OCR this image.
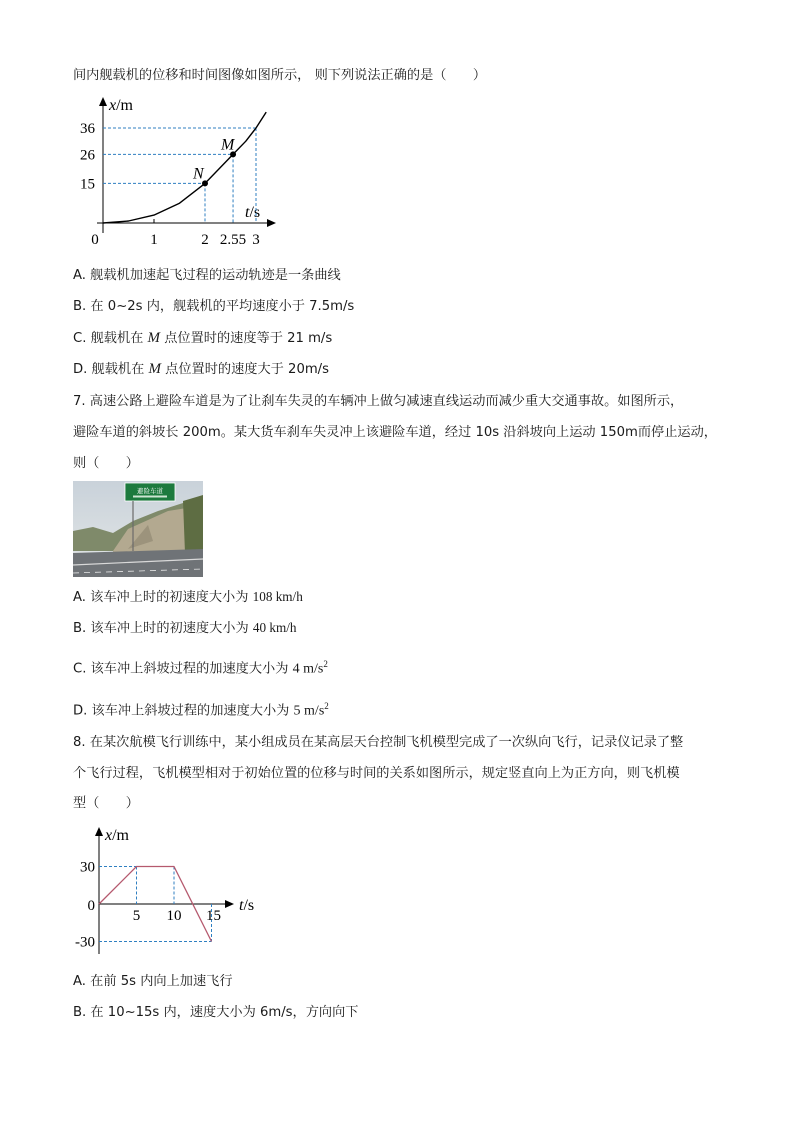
间内舰载机的位移和时间图像如图所示， 则下列说法正确的是（　　）
x/m
t/s
0	1	2 2.55 3
15
26
36
N
M
A. 舰载机加速起飞过程的运动轨迹是一条曲线
B. 在 0~2s 内，舰载机的平均速度小于 7.5m/s
C. 舰载机在 M 点位置时的速度等于 21 m/s
D. 舰载机在 M 点位置时的速度大于 20m/s
7. 高速公路上避险车道是为了让刹车失灵的车辆冲上做匀减速直线运动而减少重大交通事故。如图所示，
避险车道的斜坡长 200m。某大货车刹车失灵冲上该避险车道，经过 10s 沿斜坡向上运动 150m而停止运动，
则（　　）
避险车道
A. 该车冲上时的初速度大小为 108 km/h
B. 该车冲上时的初速度大小为 40 km/h
C. 该车冲上斜坡过程的加速度大小为 4 $m/s^2$
D. 该车冲上斜坡过程的加速度大小为 5 $m/s^2$
8. 在某次航模飞行训练中，某小组成员在某高层天台控制飞机模型完成了一次纵向飞行，记录仪记录了整
个飞行过程，飞机模型相对于初始位置的位移与时间的关系如图所示，规定竖直向上为正方向，则飞机模
型（　　）
x/m
t/s
0
5 10 15
30
-30
A. 在前 5s 内向上加速飞行
B. 在 10~15s 内，速度大小为 6m/s，方向向下
